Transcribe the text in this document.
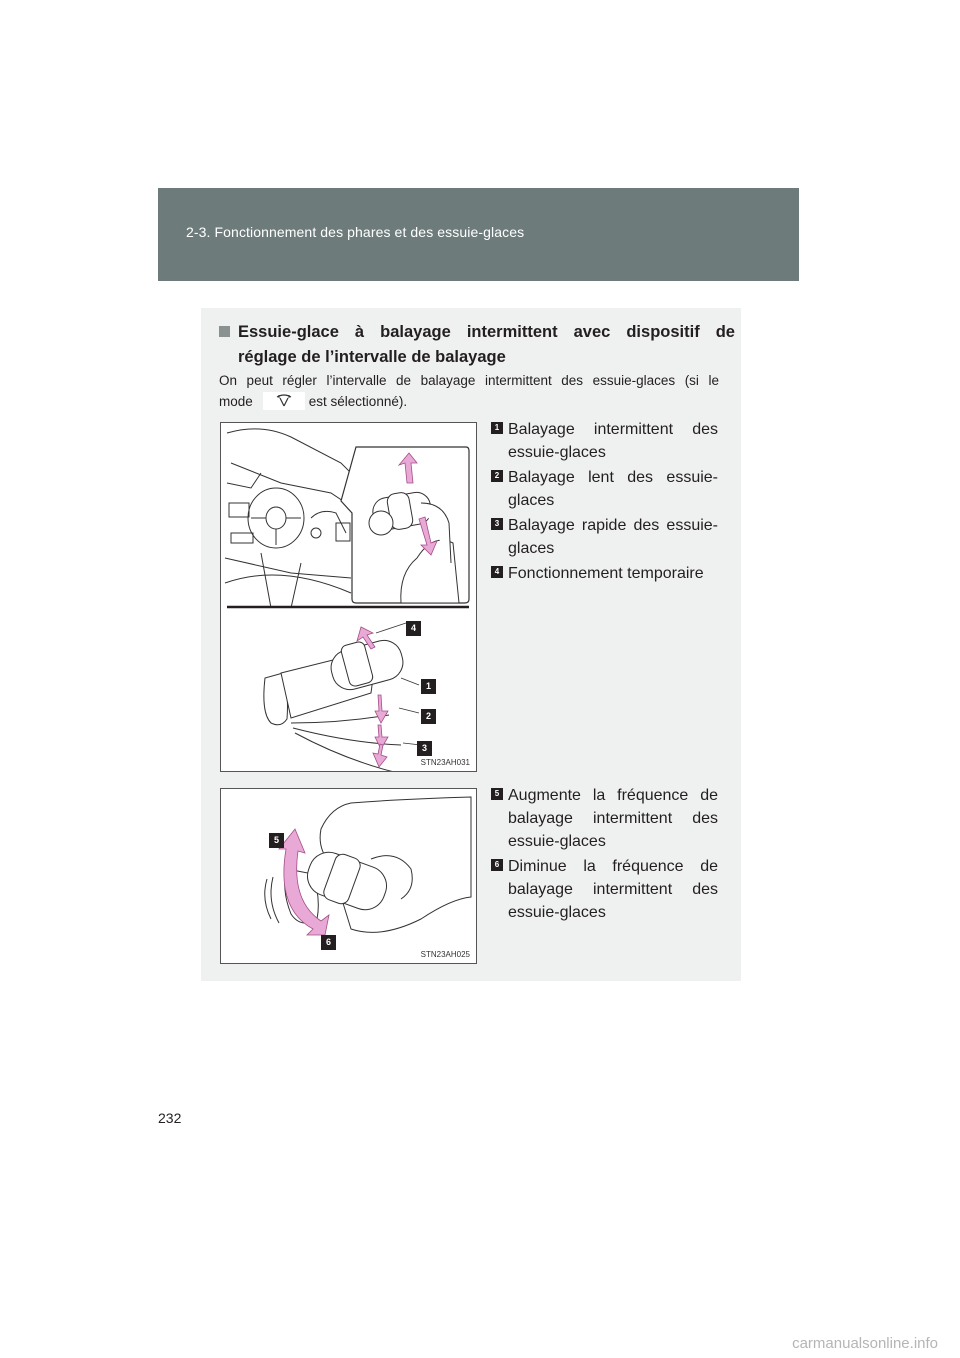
2-3. Fonctionnement des phares et des essuie-glaces
Essuie-glace à balayage intermittent avec dispositif de
réglage de l’intervalle de balayage
On peut régler l’intervalle de balayage intermittent des essuie-glaces (si le
mode	est sélectionné).
4
1
2
3
STN23AH031
5
6
STN23AH025
1 Balayage intermittent des essuie-glaces
2 Balayage lent des essuie-glaces
3 Balayage rapide des essuie-glaces
4 Fonctionnement temporaire
5 Augmente la fréquence de balayage intermittent des essuie-glaces
6 Diminue la fréquence de balayage intermittent des essuie-glaces
232
carmanualsonline.info
